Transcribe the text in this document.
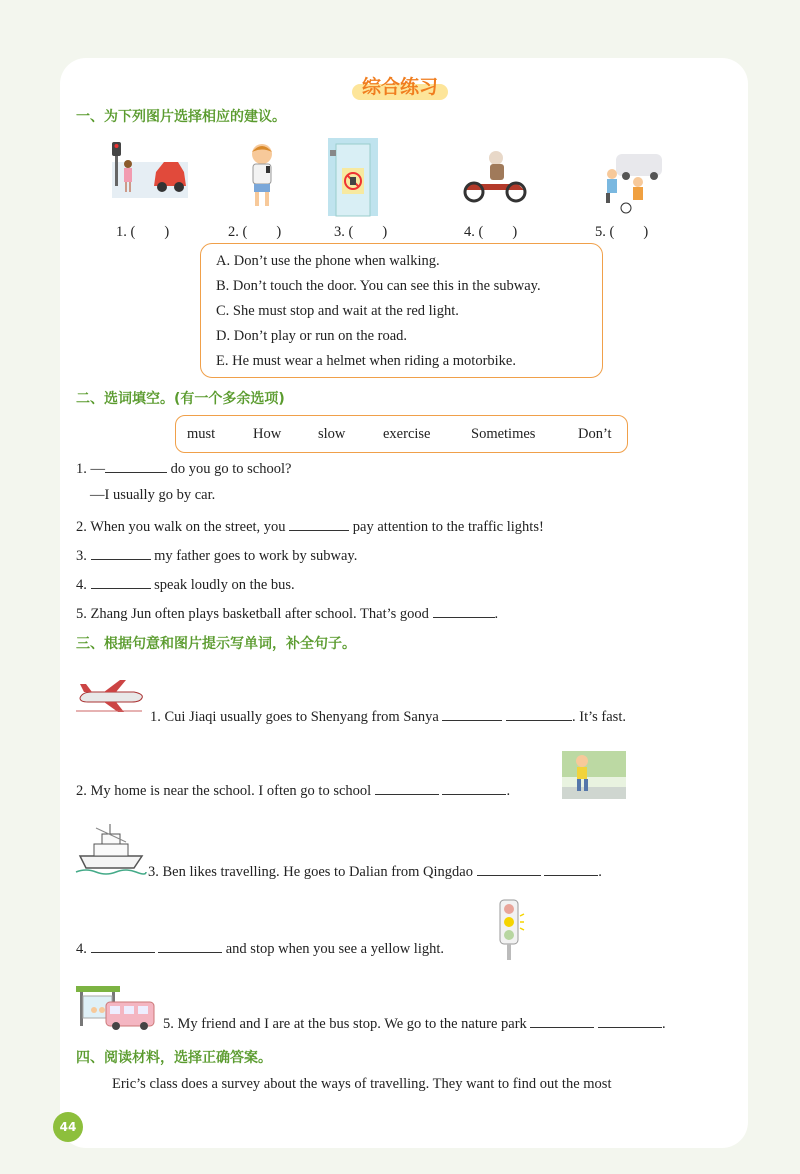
综合练习
一、为下列图片选择相应的建议。
1. (　　)	2. (　　)	3. (　　)	4. (　　)	5. (　　)
A. Don’t use the phone when walking.
B. Don’t touch the door. You can see this in the subway.
C. She must stop and wait at the red light.
D. Don’t play or run on the road.
E. He must wear a helmet when riding a motorbike.
二、选词填空。(有一个多余选项)
must	How	slow	exercise	Sometimes	Don’t
1. —	do you go to school?
—I usually go by car.
2. When you walk on the street, you	pay attention to the traffic lights!
3.	my father goes to work by subway.
4.	speak loudly on the bus.
5. Zhang Jun often plays basketball after school. That’s good	.
三、根据句意和图片提示写单词，补全句子。
1. Cui Jiaqi usually goes to Shenyang from Sanya	. It’s fast.
2. My home is near the school. I often go to school	.
3. Ben likes travelling. He goes to Dalian from Qingdao	.
4.	and stop when you see a yellow light.
5. My friend and I are at the bus stop. We go to the nature park	.
四、阅读材料，选择正确答案。
Eric’s class does a survey about the ways of travelling. They want to find out the most
44
